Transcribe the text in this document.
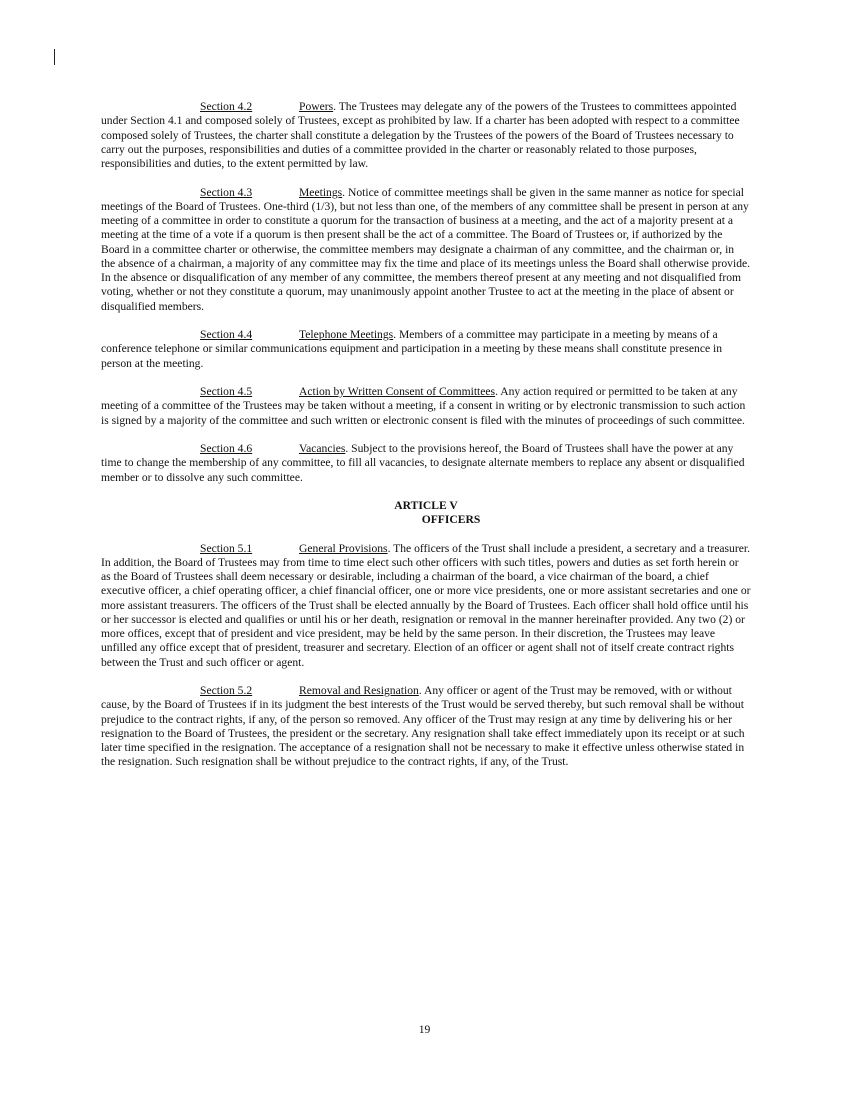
Section 4.2	Powers. The Trustees may delegate any of the powers of the Trustees to committees appointed under Section 4.1 and composed solely of Trustees, except as prohibited by law. If a charter has been adopted with respect to a committee composed solely of Trustees, the charter shall constitute a delegation by the Trustees of the powers of the Board of Trustees necessary to carry out the purposes, responsibilities and duties of a committee provided in the charter or reasonably related to those purposes, responsibilities and duties, to the extent permitted by law.

Section 4.3	Meetings. Notice of committee meetings shall be given in the same manner as notice for special meetings of the Board of Trustees. One-third (1/3), but not less than one, of the members of any committee shall be present in person at any meeting of a committee in order to constitute a quorum for the transaction of business at a meeting, and the act of a majority present at a meeting at the time of a vote if a quorum is then present shall be the act of a committee. The Board of Trustees or, if authorized by the Board in a committee charter or otherwise, the committee members may designate a chairman of any committee, and the chairman or, in the absence of a chairman, a majority of any committee may fix the time and place of its meetings unless the Board shall otherwise provide. In the absence or disqualification of any member of any committee, the members thereof present at any meeting and not disqualified from voting, whether or not they constitute a quorum, may unanimously appoint another Trustee to act at the meeting in the place of absent or disqualified members.

Section 4.4	Telephone Meetings. Members of a committee may participate in a meeting by means of a conference telephone or similar communications equipment and participation in a meeting by these means shall constitute presence in person at the meeting.

Section 4.5	Action by Written Consent of Committees. Any action required or permitted to be taken at any meeting of a committee of the Trustees may be taken without a meeting, if a consent in writing or by electronic transmission to such action is signed by a majority of the committee and such written or electronic consent is filed with the minutes of proceedings of such committee.

Section 4.6	Vacancies. Subject to the provisions hereof, the Board of Trustees shall have the power at any time to change the membership of any committee, to fill all vacancies, to designate alternate members to replace any absent or disqualified member or to dissolve any such committee.

ARTICLE V

OFFICERS

Section 5.1	General Provisions. The officers of the Trust shall include a president, a secretary and a treasurer. In addition, the Board of Trustees may from time to time elect such other officers with such titles, powers and duties as set forth herein or as the Board of Trustees shall deem necessary or desirable, including a chairman of the board, a vice chairman of the board, a chief executive officer, a chief operating officer, a chief financial officer, one or more vice presidents, one or more assistant secretaries and one or more assistant treasurers. The officers of the Trust shall be elected annually by the Board of Trustees. Each officer shall hold office until his or her successor is elected and qualifies or until his or her death, resignation or removal in the manner hereinafter provided. Any two (2) or more offices, except that of president and vice president, may be held by the same person. In their discretion, the Trustees may leave unfilled any office except that of president, treasurer and secretary. Election of an officer or agent shall not of itself create contract rights between the Trust and such officer or agent.

Section 5.2	Removal and Resignation. Any officer or agent of the Trust may be removed, with or without cause, by the Board of Trustees if in its judgment the best interests of the Trust would be served thereby, but such removal shall be without prejudice to the contract rights, if any, of the person so removed. Any officer of the Trust may resign at any time by delivering his or her resignation to the Board of Trustees, the president or the secretary. Any resignation shall take effect immediately upon its receipt or at such later time specified in the resignation. The acceptance of a resignation shall not be necessary to make it effective unless otherwise stated in the resignation. Such resignation shall be without prejudice to the contract rights, if any, of the Trust.

19
